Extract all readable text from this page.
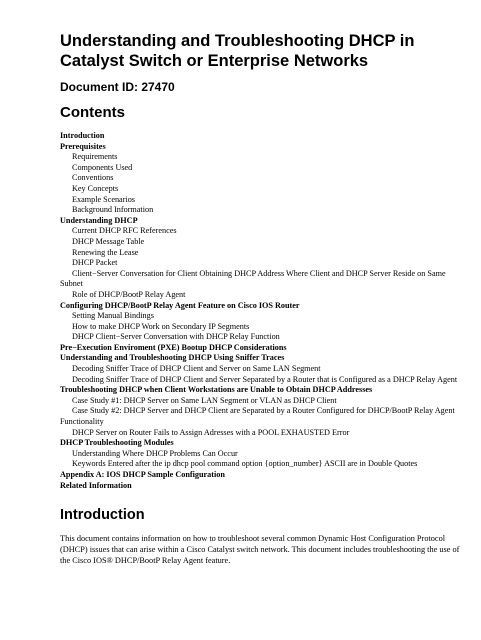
Understanding and Troubleshooting DHCP in Catalyst Switch or Enterprise Networks
Document ID: 27470
Contents
Introduction
Prerequisites
Requirements
Components Used
Conventions
Key Concepts
Example Scenarios
Background Information
Understanding DHCP
Current DHCP RFC References
DHCP Message Table
Renewing the Lease
DHCP Packet
Client−Server Conversation for Client Obtaining DHCP Address Where Client and DHCP Server Reside on Same Subnet
Role of DHCP/BootP Relay Agent
Configuring DHCP/BootP Relay Agent Feature on Cisco IOS Router
Setting Manual Bindings
How to make DHCP Work on Secondary IP Segments
DHCP Client−Server Conversation with DHCP Relay Function
Pre−Execution Enviroment (PXE) Bootup DHCP Considerations
Understanding and Troubleshooting DHCP Using Sniffer Traces
Decoding Sniffer Trace of DHCP Client and Server on Same LAN Segment
Decoding Sniffer Trace of DHCP Client and Server Separated by a Router that is Configured as a DHCP Relay Agent
Troubleshooting DHCP when Client Workstations are Unable to Obtain DHCP Addresses
Case Study #1: DHCP Server on Same LAN Segment or VLAN as DHCP Client
Case Study #2: DHCP Server and DHCP Client are Separated by a Router Configured for DHCP/BootP Relay Agent Functionality
DHCP Server on Router Fails to Assign Adresses with a POOL EXHAUSTED Error
DHCP Troubleshooting Modules
Understanding Where DHCP Problems Can Occur
Keywords Entered after the ip dhcp pool command option {option_number} ASCII are in Double Quotes
Appendix A: IOS DHCP Sample Configuration
Related Information
Introduction

This document contains information on how to troubleshoot several common Dynamic Host Configuration Protocol (DHCP) issues that can arise within a Cisco Catalyst switch network. This document includes troubleshooting the use of the Cisco IOS® DHCP/BootP Relay Agent feature.
